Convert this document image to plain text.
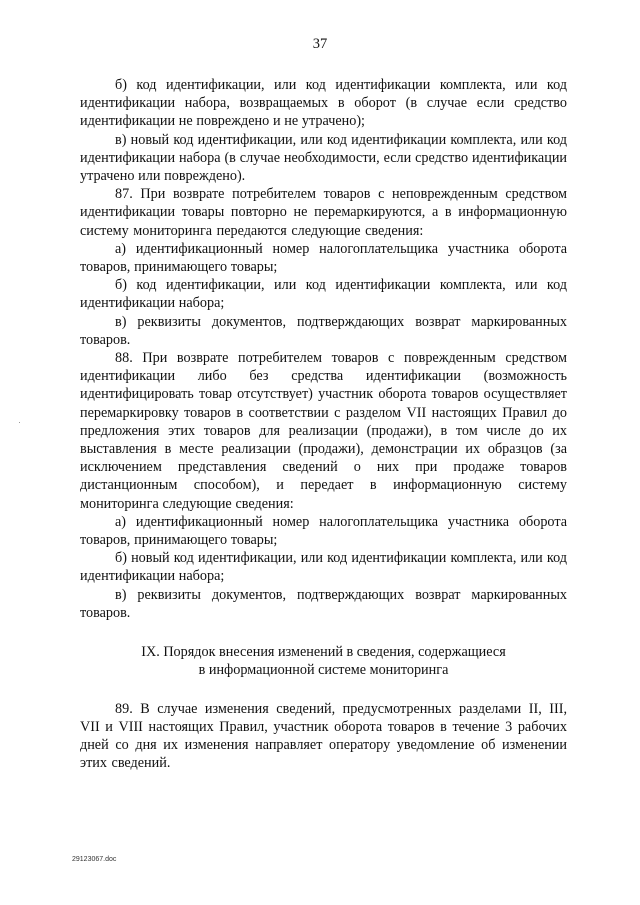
37

б) код идентификации, или код идентификации комплекта, или код идентификации набора, возвращаемых в оборот (в случае если средство идентификации не повреждено и не утрачено);

в) новый код идентификации, или код идентификации комплекта, или код идентификации набора (в случае необходимости, если средство идентификации утрачено или повреждено).

87. При возврате потребителем товаров с неповрежденным средством идентификации товары повторно не перемаркируются, а в информационную систему мониторинга передаются следующие сведения:

а) идентификационный номер налогоплательщика участника оборота товаров, принимающего товары;

б) код идентификации, или код идентификации комплекта, или код идентификации набора;

в) реквизиты документов, подтверждающих возврат маркированных товаров.

88. При возврате потребителем товаров с поврежденным средством идентификации либо без средства идентификации (возможность идентифицировать товар отсутствует) участник оборота товаров осуществляет перемаркировку товаров в соответствии с разделом VII настоящих Правил до предложения этих товаров для реализации (продажи), в том числе до их выставления в месте реализации (продажи), демонстрации их образцов (за исключением представления сведений о них при продаже товаров дистанционным способом), и передает в информационную систему мониторинга следующие сведения:

а) идентификационный номер налогоплательщика участника оборота товаров, принимающего товары;

б) новый код идентификации, или код идентификации комплекта, или код идентификации набора;

в) реквизиты документов, подтверждающих возврат маркированных товаров.

IX. Порядок внесения изменений в сведения, содержащиеся
в информационной системе мониторинга

89. В случае изменения сведений, предусмотренных разделами II, III, VII и VIII настоящих Правил, участник оборота товаров в течение 3 рабочих дней со дня их изменения направляет оператору уведомление об изменении этих сведений.

29123067.doc
